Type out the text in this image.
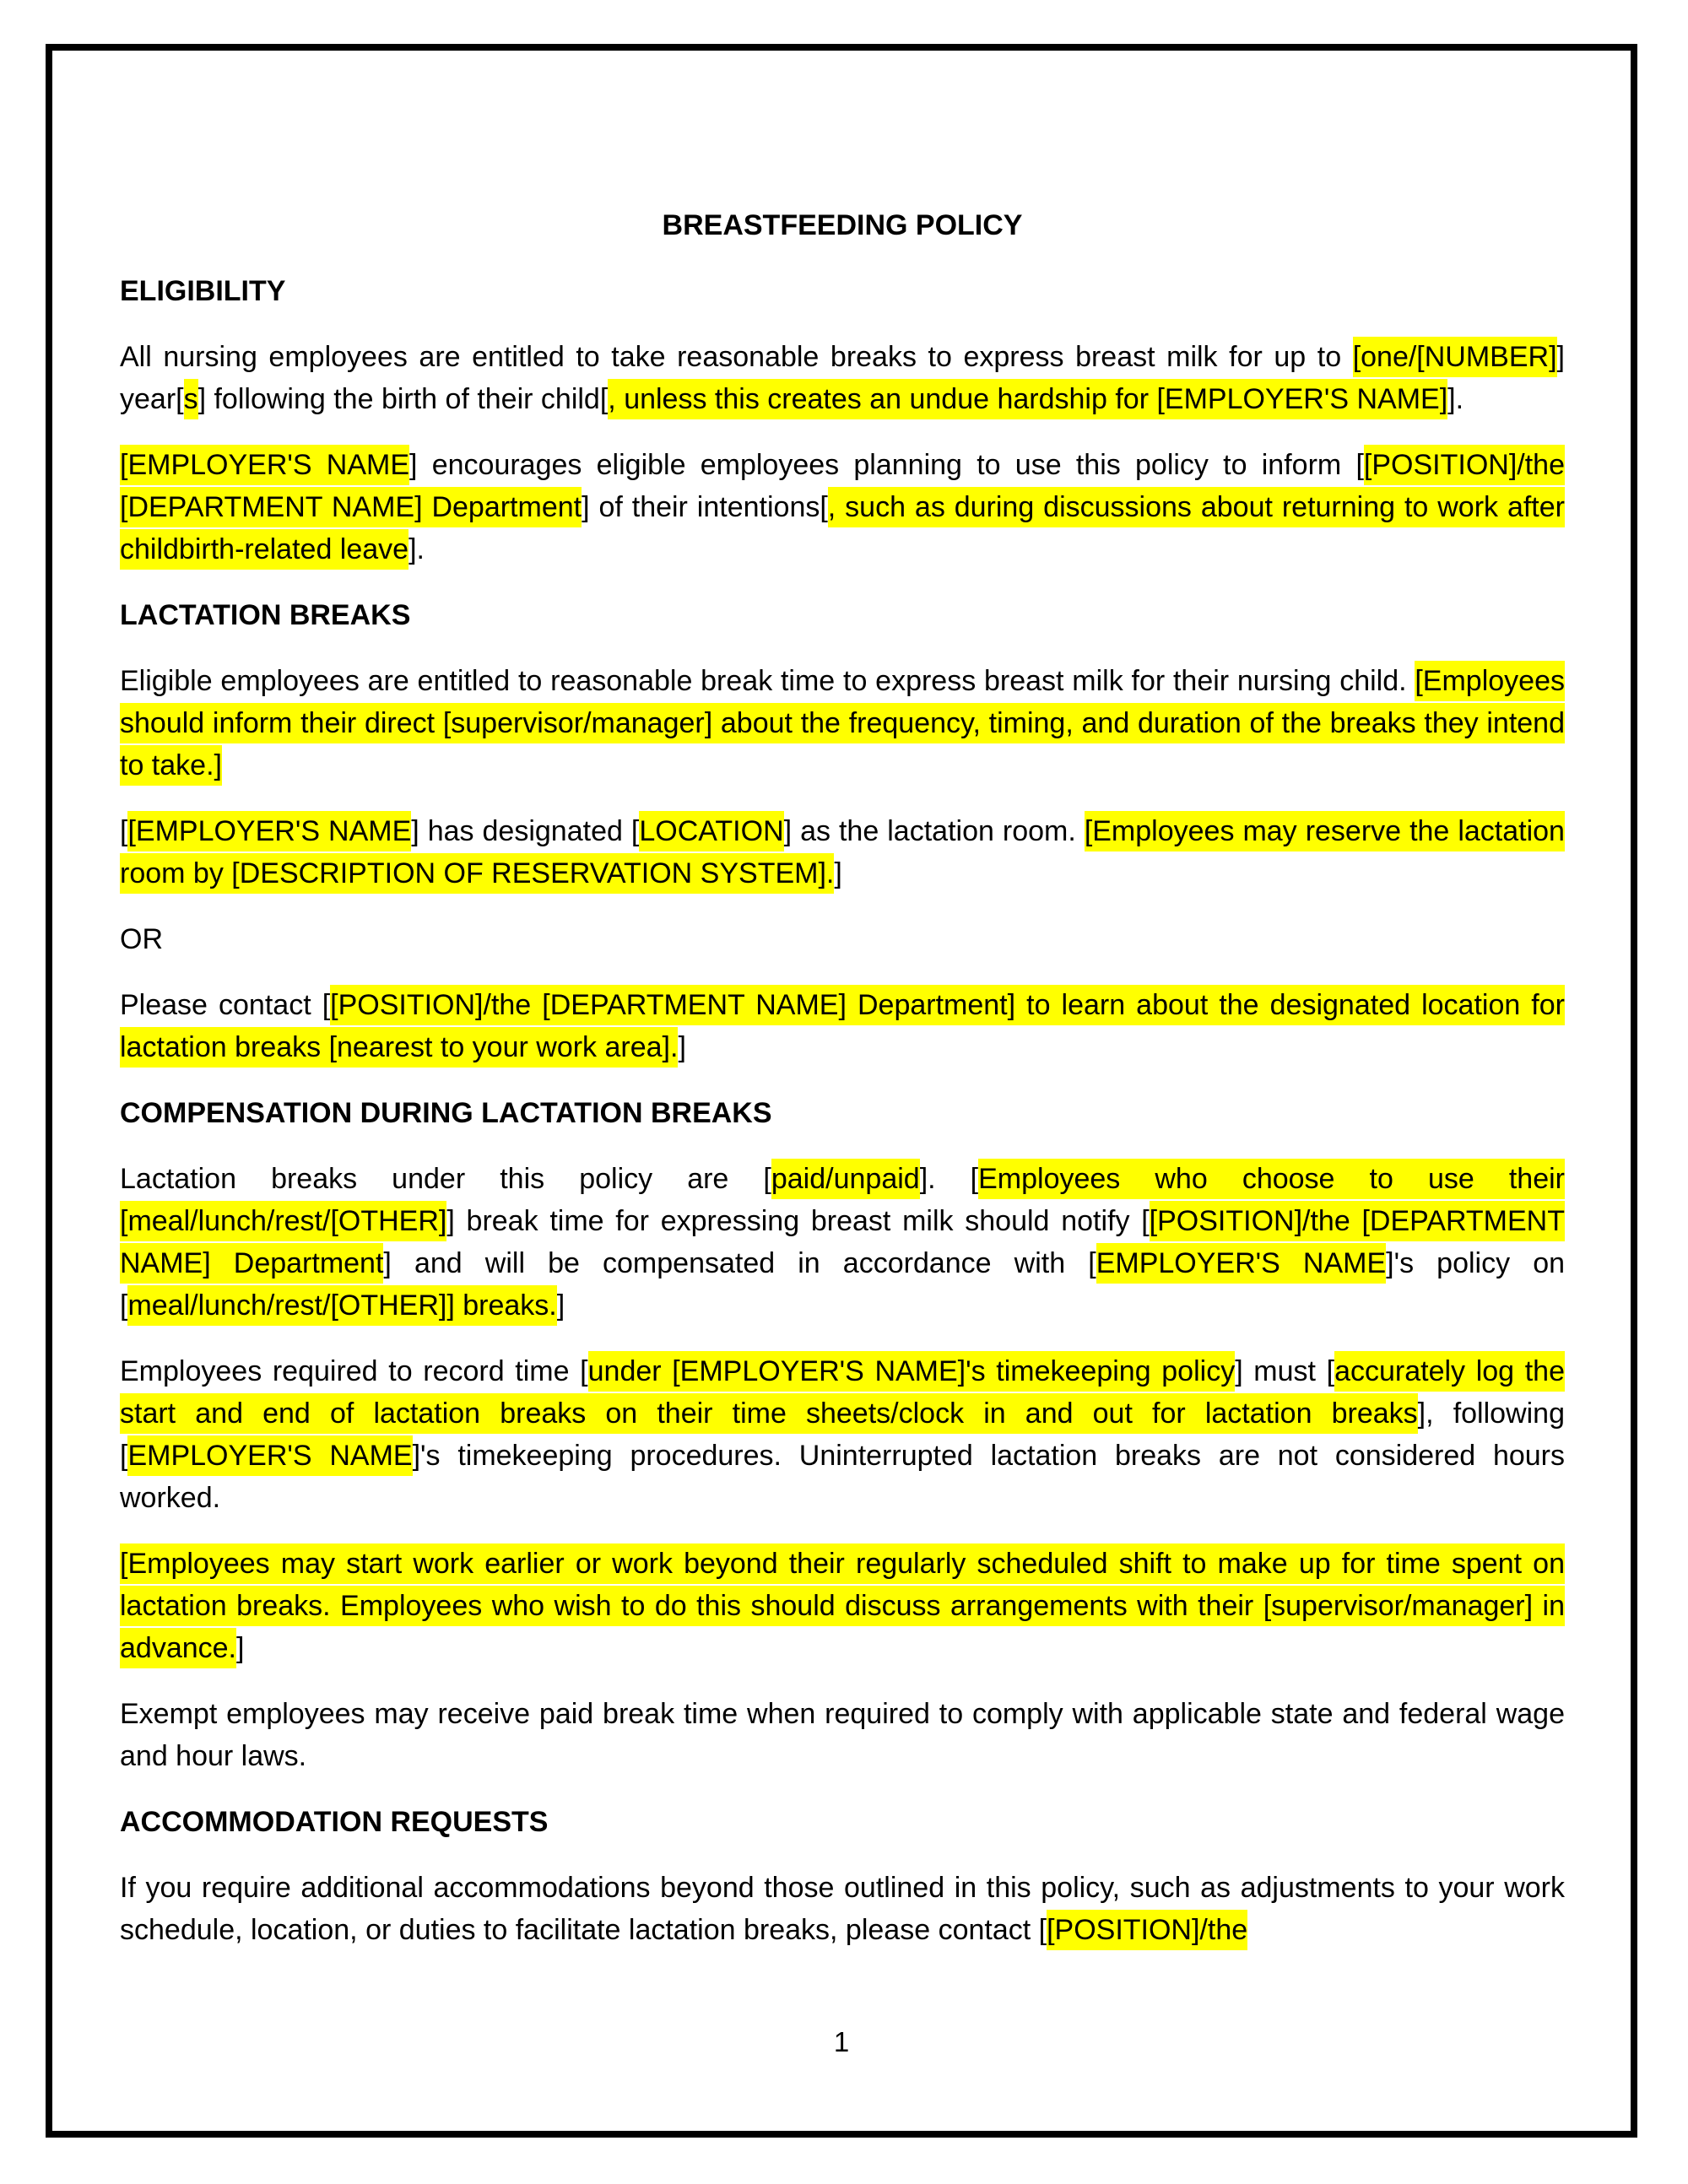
BREASTFEEDING POLICY
ELIGIBILITY

All nursing employees are entitled to take reasonable breaks to express breast milk for up to [one/[NUMBER]] year[s] following the birth of their child[, unless this creates an undue hardship for [EMPLOYER'S NAME]].

[EMPLOYER'S NAME] encourages eligible employees planning to use this policy to inform [[POSITION]/the [DEPARTMENT NAME] Department] of their intentions[, such as during discussions about returning to work after childbirth-related leave].

LACTATION BREAKS

Eligible employees are entitled to reasonable break time to express breast milk for their nursing child. [Employees should inform their direct [supervisor/manager] about the frequency, timing, and duration of the breaks they intend to take.]

[[EMPLOYER'S NAME] has designated [LOCATION] as the lactation room. [Employees may reserve the lactation room by [DESCRIPTION OF RESERVATION SYSTEM].]

OR

Please contact [[POSITION]/the [DEPARTMENT NAME] Department] to learn about the designated location for lactation breaks [nearest to your work area].]

COMPENSATION DURING LACTATION BREAKS

Lactation breaks under this policy are [paid/unpaid]. [Employees who choose to use their [meal/lunch/rest/[OTHER]] break time for expressing breast milk should notify [[POSITION]/the [DEPARTMENT NAME] Department] and will be compensated in accordance with [EMPLOYER'S NAME]'s policy on [meal/lunch/rest/[OTHER]] breaks.]

Employees required to record time [under [EMPLOYER'S NAME]'s timekeeping policy] must [accurately log the start and end of lactation breaks on their time sheets/clock in and out for lactation breaks], following [EMPLOYER'S NAME]'s timekeeping procedures. Uninterrupted lactation breaks are not considered hours worked.

[Employees may start work earlier or work beyond their regularly scheduled shift to make up for time spent on lactation breaks. Employees who wish to do this should discuss arrangements with their [supervisor/manager] in advance.]

Exempt employees may receive paid break time when required to comply with applicable state and federal wage and hour laws.

ACCOMMODATION REQUESTS

If you require additional accommodations beyond those outlined in this policy, such as adjustments to your work schedule, location, or duties to facilitate lactation breaks, please contact [[POSITION]/the

1
